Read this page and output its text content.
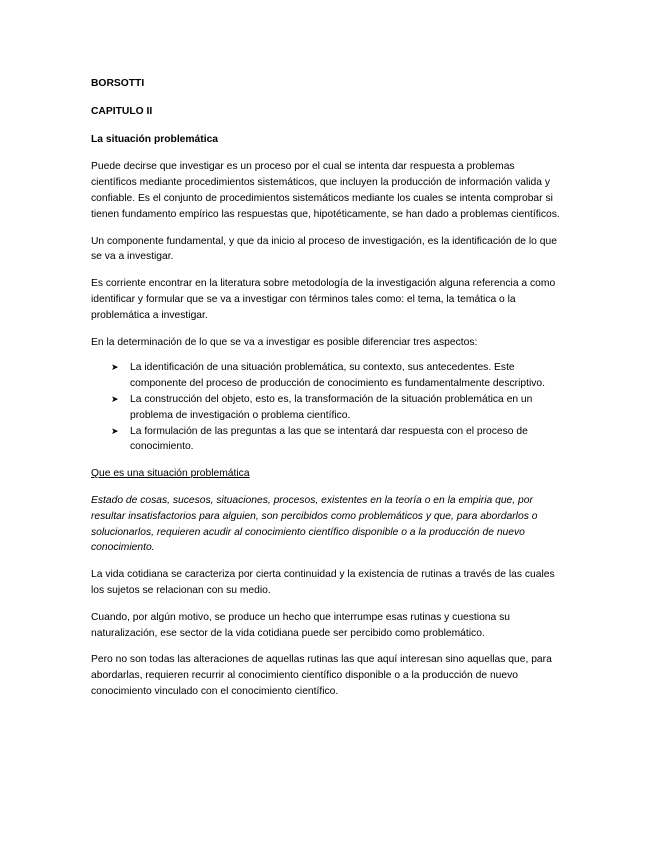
BORSOTTI

CAPITULO II

La situación problemática

Puede decirse que investigar es un proceso por el cual se intenta dar respuesta a problemas científicos mediante procedimientos sistemáticos, que incluyen la producción de información valida y confiable. Es el conjunto de procedimientos sistemáticos mediante los cuales se intenta comprobar si tienen fundamento empírico las respuestas que, hipotéticamente, se han dado a problemas científicos.

Un componente fundamental, y que da inicio al proceso de investigación, es la identificación de lo que se va a investigar.

Es corriente encontrar en la literatura sobre metodología de la investigación alguna referencia a como identificar y formular que se va a investigar con términos tales como: el tema, la temática o la problemática a investigar.

En la determinación de lo que se va a investigar es posible diferenciar tres aspectos:

➤ La identificación de una situación problemática, su contexto, sus antecedentes. Este componente del proceso de producción de conocimiento es fundamentalmente descriptivo.
➤ La construcción del objeto, esto es, la transformación de la situación problemática en un problema de investigación o problema científico.
➤ La formulación de las preguntas a las que se intentará dar respuesta con el proceso de conocimiento.

Que es una situación problemática

Estado de cosas, sucesos, situaciones, procesos, existentes en la teoría o en la empiria que, por resultar insatisfactorios para alguien, son percibidos como problemáticos y que, para abordarlos o solucionarlos, requieren acudir al conocimiento científico disponible o a la producción de nuevo conocimiento.

La vida cotidiana se caracteriza por cierta continuidad y la existencia de rutinas a través de las cuales los sujetos se relacionan con su medio.

Cuando, por algún motivo, se produce un hecho que interrumpe esas rutinas y cuestiona su naturalización, ese sector de la vida cotidiana puede ser percibido como problemático.

Pero no son todas las alteraciones de aquellas rutinas las que aquí interesan sino aquellas que, para abordarlas, requieren recurrir al conocimiento científico disponible o a la producción de nuevo conocimiento vinculado con el conocimiento científico.
